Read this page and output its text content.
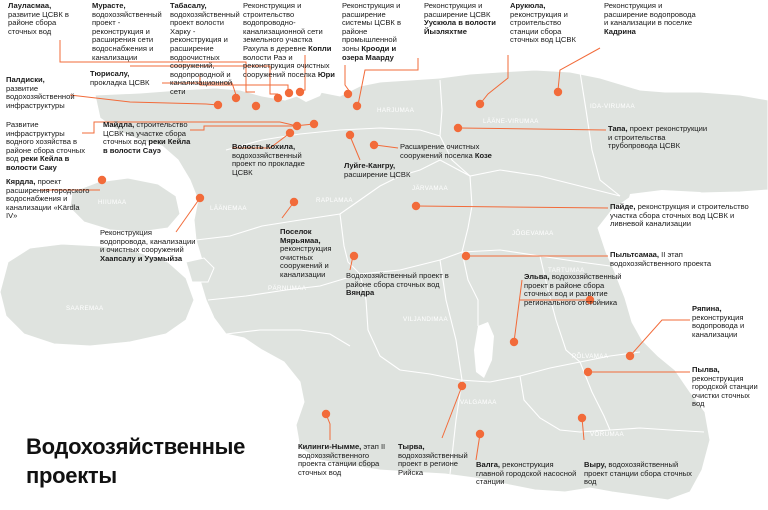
HARJUMAA
LÄÄNE-VIRUMAA
IDA-VIRUMAA
HIIUMAA
LÄÄNEMAA
RAPLAMAA
JÄRVAMAA
JÕGEVAMAA
PÄRNUMAA
SAAREMAA
VILJANDIMAA
TARTUMAA
PÕLVAMAA
VALGAMAA
VÕRUMAA
Лауласмаа, развитие ЦСВК в районе сбора сточных вод
Мурасте, водохозяйственный проект - реконструкция и расширения сети водоснабжения и канализации
Табасалу, водохозяйственный проект волости Харку - реконструкция и расширение водоочистных сооружений, водопроводной и канализационной сети
Реконструкция и строительство водопроводно-канализационной сети земельного участка Рахула в деревне Копли волости Раэ и реконструкция очистных сооружений поселка Юри
Реконструкция и расширение системы ЦСВК в районе промышленной зоны Крооди и озера Маарду
Реконструкция и расширение ЦСВК Уускюла в волости Йыэляхтме
Арукюла, реконструкция и строительство станции сбора сточных вод ЦСВК
Реконструкция и расширение водопровода и канализации в поселке Кадрина
Палдиски, развитие водохозяйственной инфраструктуры
Тюрисалу, прокладка ЦСВК
Развитие инфраструктуры водного хозяйства в районе сбора сточных вод реки Кейла в волости Саку
Майдла, строительство ЦСВК на участке сбора сточных вод реки Кейла в волости Сауэ	Волость Кохила, водохозяйственный проект по прокладке ЦСВК
Расширение очистных сооружений поселка Козе
Луйге-Кангру, расширение ЦСВК
Тапа, проект реконструкции и строительства трубопровода ЦСВК
Кярдла, проект расширения городского водоснабжения и канализации «Kärdla IV»
Реконструкция водопровода, канализации и очистных сооружений Хаапсалу и Ууэмыйза
Поселок Мярьямаа, реконструкция очистных сооружений и канализации
Пайде, реконструкция и строительство участка сбора сточных вод ЦСВК и ливневой канализации
Водохозяйственный проект в районе сбора сточных вод Вяндра
Пыльтсамаа, II этап водохозяйственного проекта
Эльва, водохозяйственный проект в районе сбора сточных вод и развитие регионального отстойника
Ряпина, реконструкция водопровода и канализации
Пылва, реконструкция городской станции очистки сточных вод
Килинги-Нымме, этап II водохозяйственного проекта станции сбора сточных вод
Тырва, водохозяйственный проект в регионе Рийска
Валга, реконструкция главной городской насосной станции
Выру, водохозяйственный проект станции сбора сточных вод
Водохозяйственные
проекты
